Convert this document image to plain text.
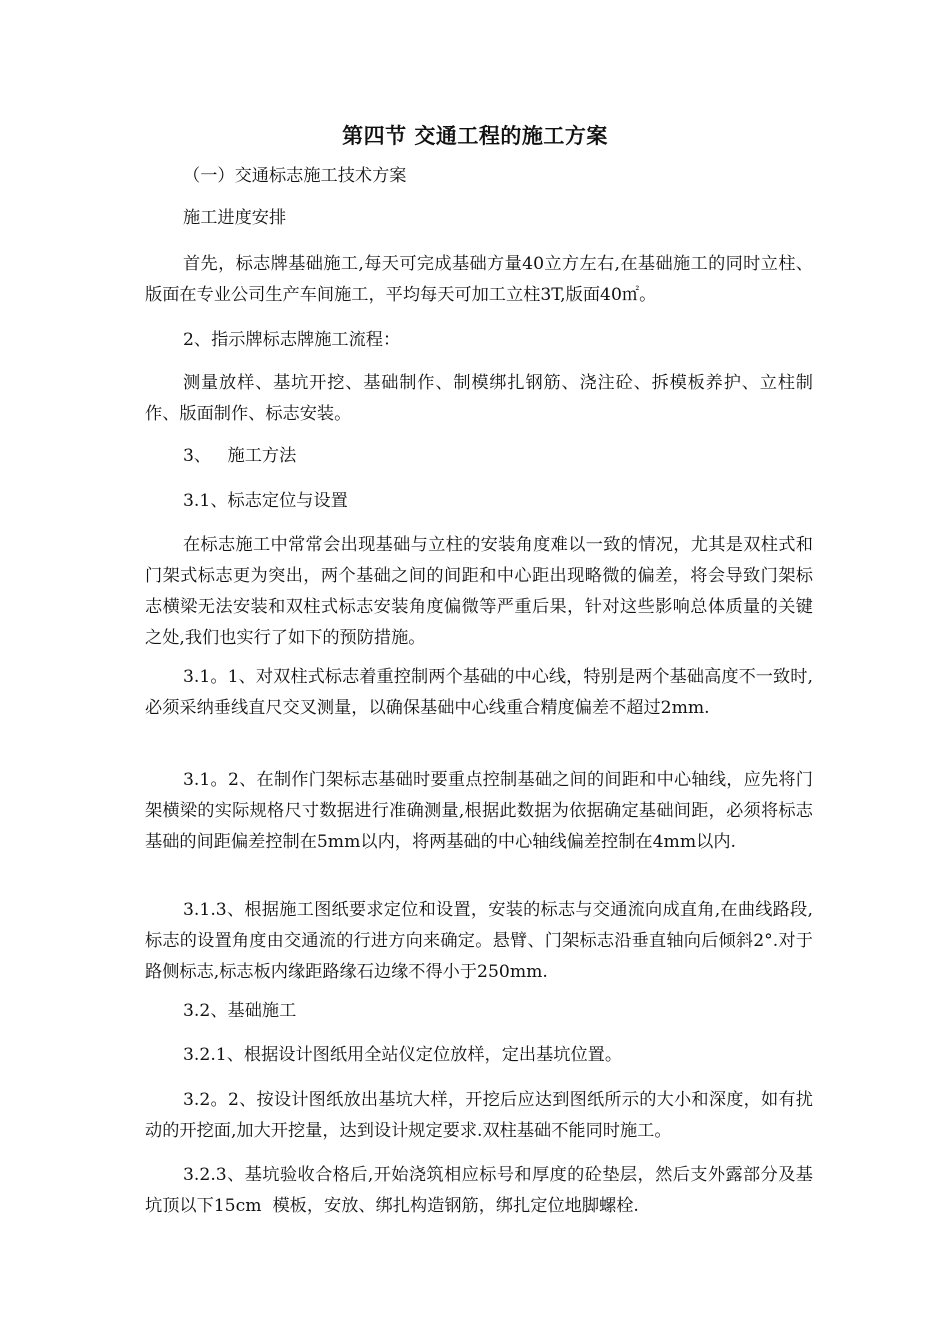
第四节 交通工程的施工方案
（一）交通标志施工技术方案
施工进度安排
首先，标志牌基础施工,每天可完成基础方量40立方左右,在基础施工的同时立柱、版面在专业公司生产车间施工，平均每天可加工立柱3T,版面40㎡。
2、指示牌标志牌施工流程：
测量放样、基坑开挖、基础制作、制模绑扎钢筋、浇注砼、拆模板养护、立柱制作、版面制作、标志安装。
3、   施工方法
3.1、标志定位与设置
在标志施工中常常会出现基础与立柱的安装角度难以一致的情况，尤其是双柱式和门架式标志更为突出，两个基础之间的间距和中心距出现略微的偏差，将会导致门架标志横梁无法安装和双柱式标志安装角度偏微等严重后果，针对这些影响总体质量的关键之处,我们也实行了如下的预防措施。
3.1。1、对双柱式标志着重控制两个基础的中心线，特别是两个基础高度不一致时,必须采纳垂线直尺交叉测量，以确保基础中心线重合精度偏差不超过2mm.
3.1。2、在制作门架标志基础时要重点控制基础之间的间距和中心轴线，应先将门架横梁的实际规格尺寸数据进行准确测量,根据此数据为依据确定基础间距，必须将标志基础的间距偏差控制在5mm以内，将两基础的中心轴线偏差控制在4mm以内.
3.1.3、根据施工图纸要求定位和设置，安装的标志与交通流向成直角,在曲线路段,标志的设置角度由交通流的行进方向来确定。悬臂、门架标志沿垂直轴向后倾斜2°.对于路侧标志,标志板内缘距路缘石边缘不得小于250mm.
3.2、基础施工
3.2.1、根据设计图纸用全站仪定位放样，定出基坑位置。
3.2。2、按设计图纸放出基坑大样，开挖后应达到图纸所示的大小和深度，如有扰动的开挖面,加大开挖量，达到设计规定要求.双柱基础不能同时施工。
3.2.3、基坑验收合格后,开始浇筑相应标号和厚度的砼垫层，然后支外露部分及基坑顶以下15cm  模板，安放、绑扎构造钢筋，绑扎定位地脚螺栓.
